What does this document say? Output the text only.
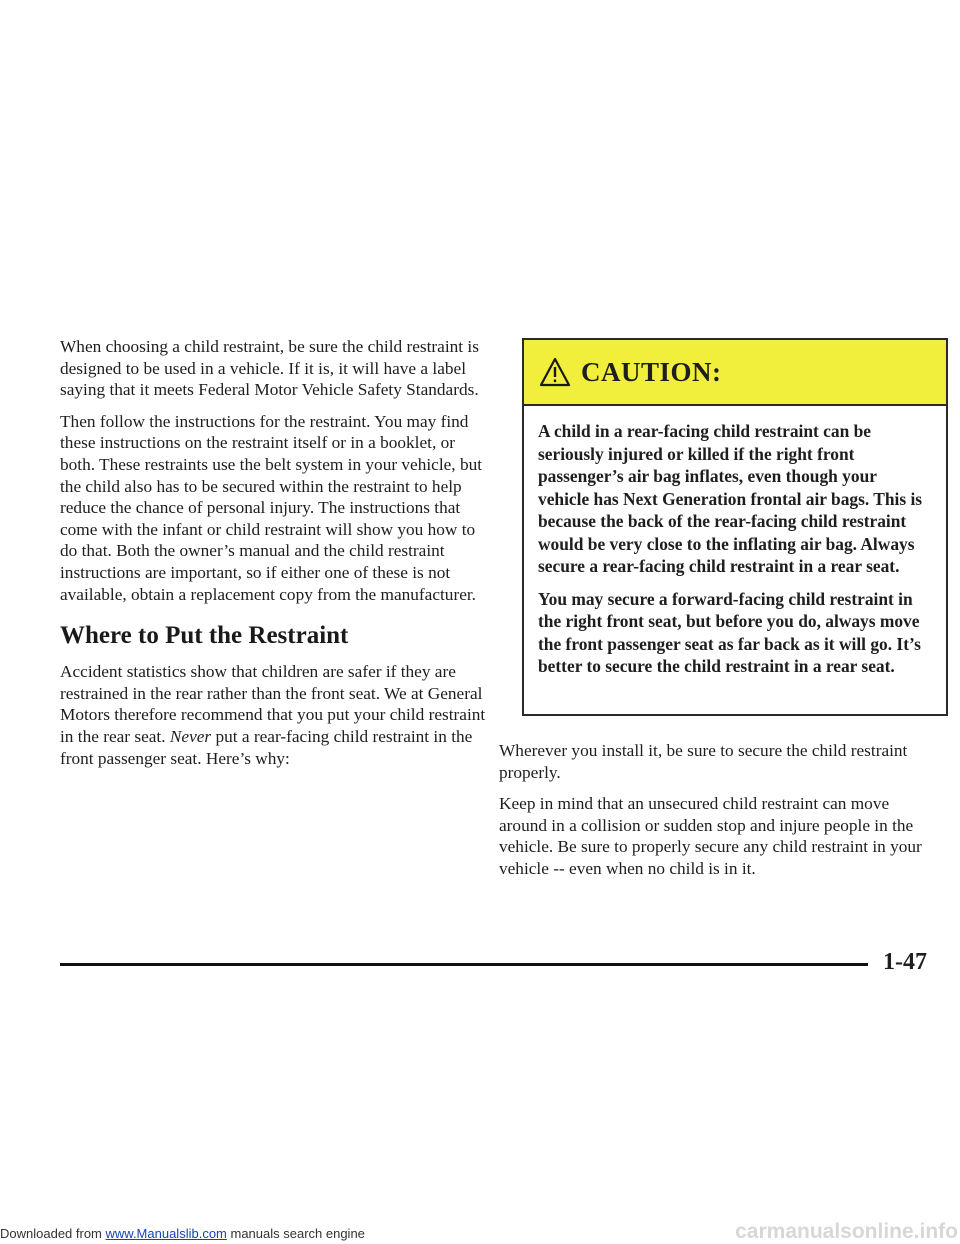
When choosing a child restraint, be sure the child restraint is designed to be used in a vehicle. If it is, it will have a label saying that it meets Federal Motor Vehicle Safety Standards.

Then follow the instructions for the restraint. You may find these instructions on the restraint itself or in a booklet, or both. These restraints use the belt system in your vehicle, but the child also has to be secured within the restraint to help reduce the chance of personal injury. The instructions that come with the infant or child restraint will show you how to do that. Both the owner’s manual and the child restraint instructions are important, so if either one of these is not available, obtain a replacement copy from the manufacturer.

Where to Put the Restraint

Accident statistics show that children are safer if they are restrained in the rear rather than the front seat. We at General Motors therefore recommend that you put your child restraint in the rear seat. Never put a rear-facing child restraint in the front passenger seat. Here’s why:

CAUTION:

A child in a rear-facing child restraint can be seriously injured or killed if the right front passenger’s air bag inflates, even though your vehicle has Next Generation frontal air bags. This is because the back of the rear-facing child restraint would be very close to the inflating air bag. Always secure a rear-facing child restraint in a rear seat.

You may secure a forward-facing child restraint in the right front seat, but before you do, always move the front passenger seat as far back as it will go. It’s better to secure the child restraint in a rear seat.

Wherever you install it, be sure to secure the child restraint properly.

Keep in mind that an unsecured child restraint can move around in a collision or sudden stop and injure people in the vehicle. Be sure to properly secure any child restraint in your vehicle -- even when no child is in it.

1-47
Downloaded from www.Manualslib.com manuals search engine	carmanualsonline.info
